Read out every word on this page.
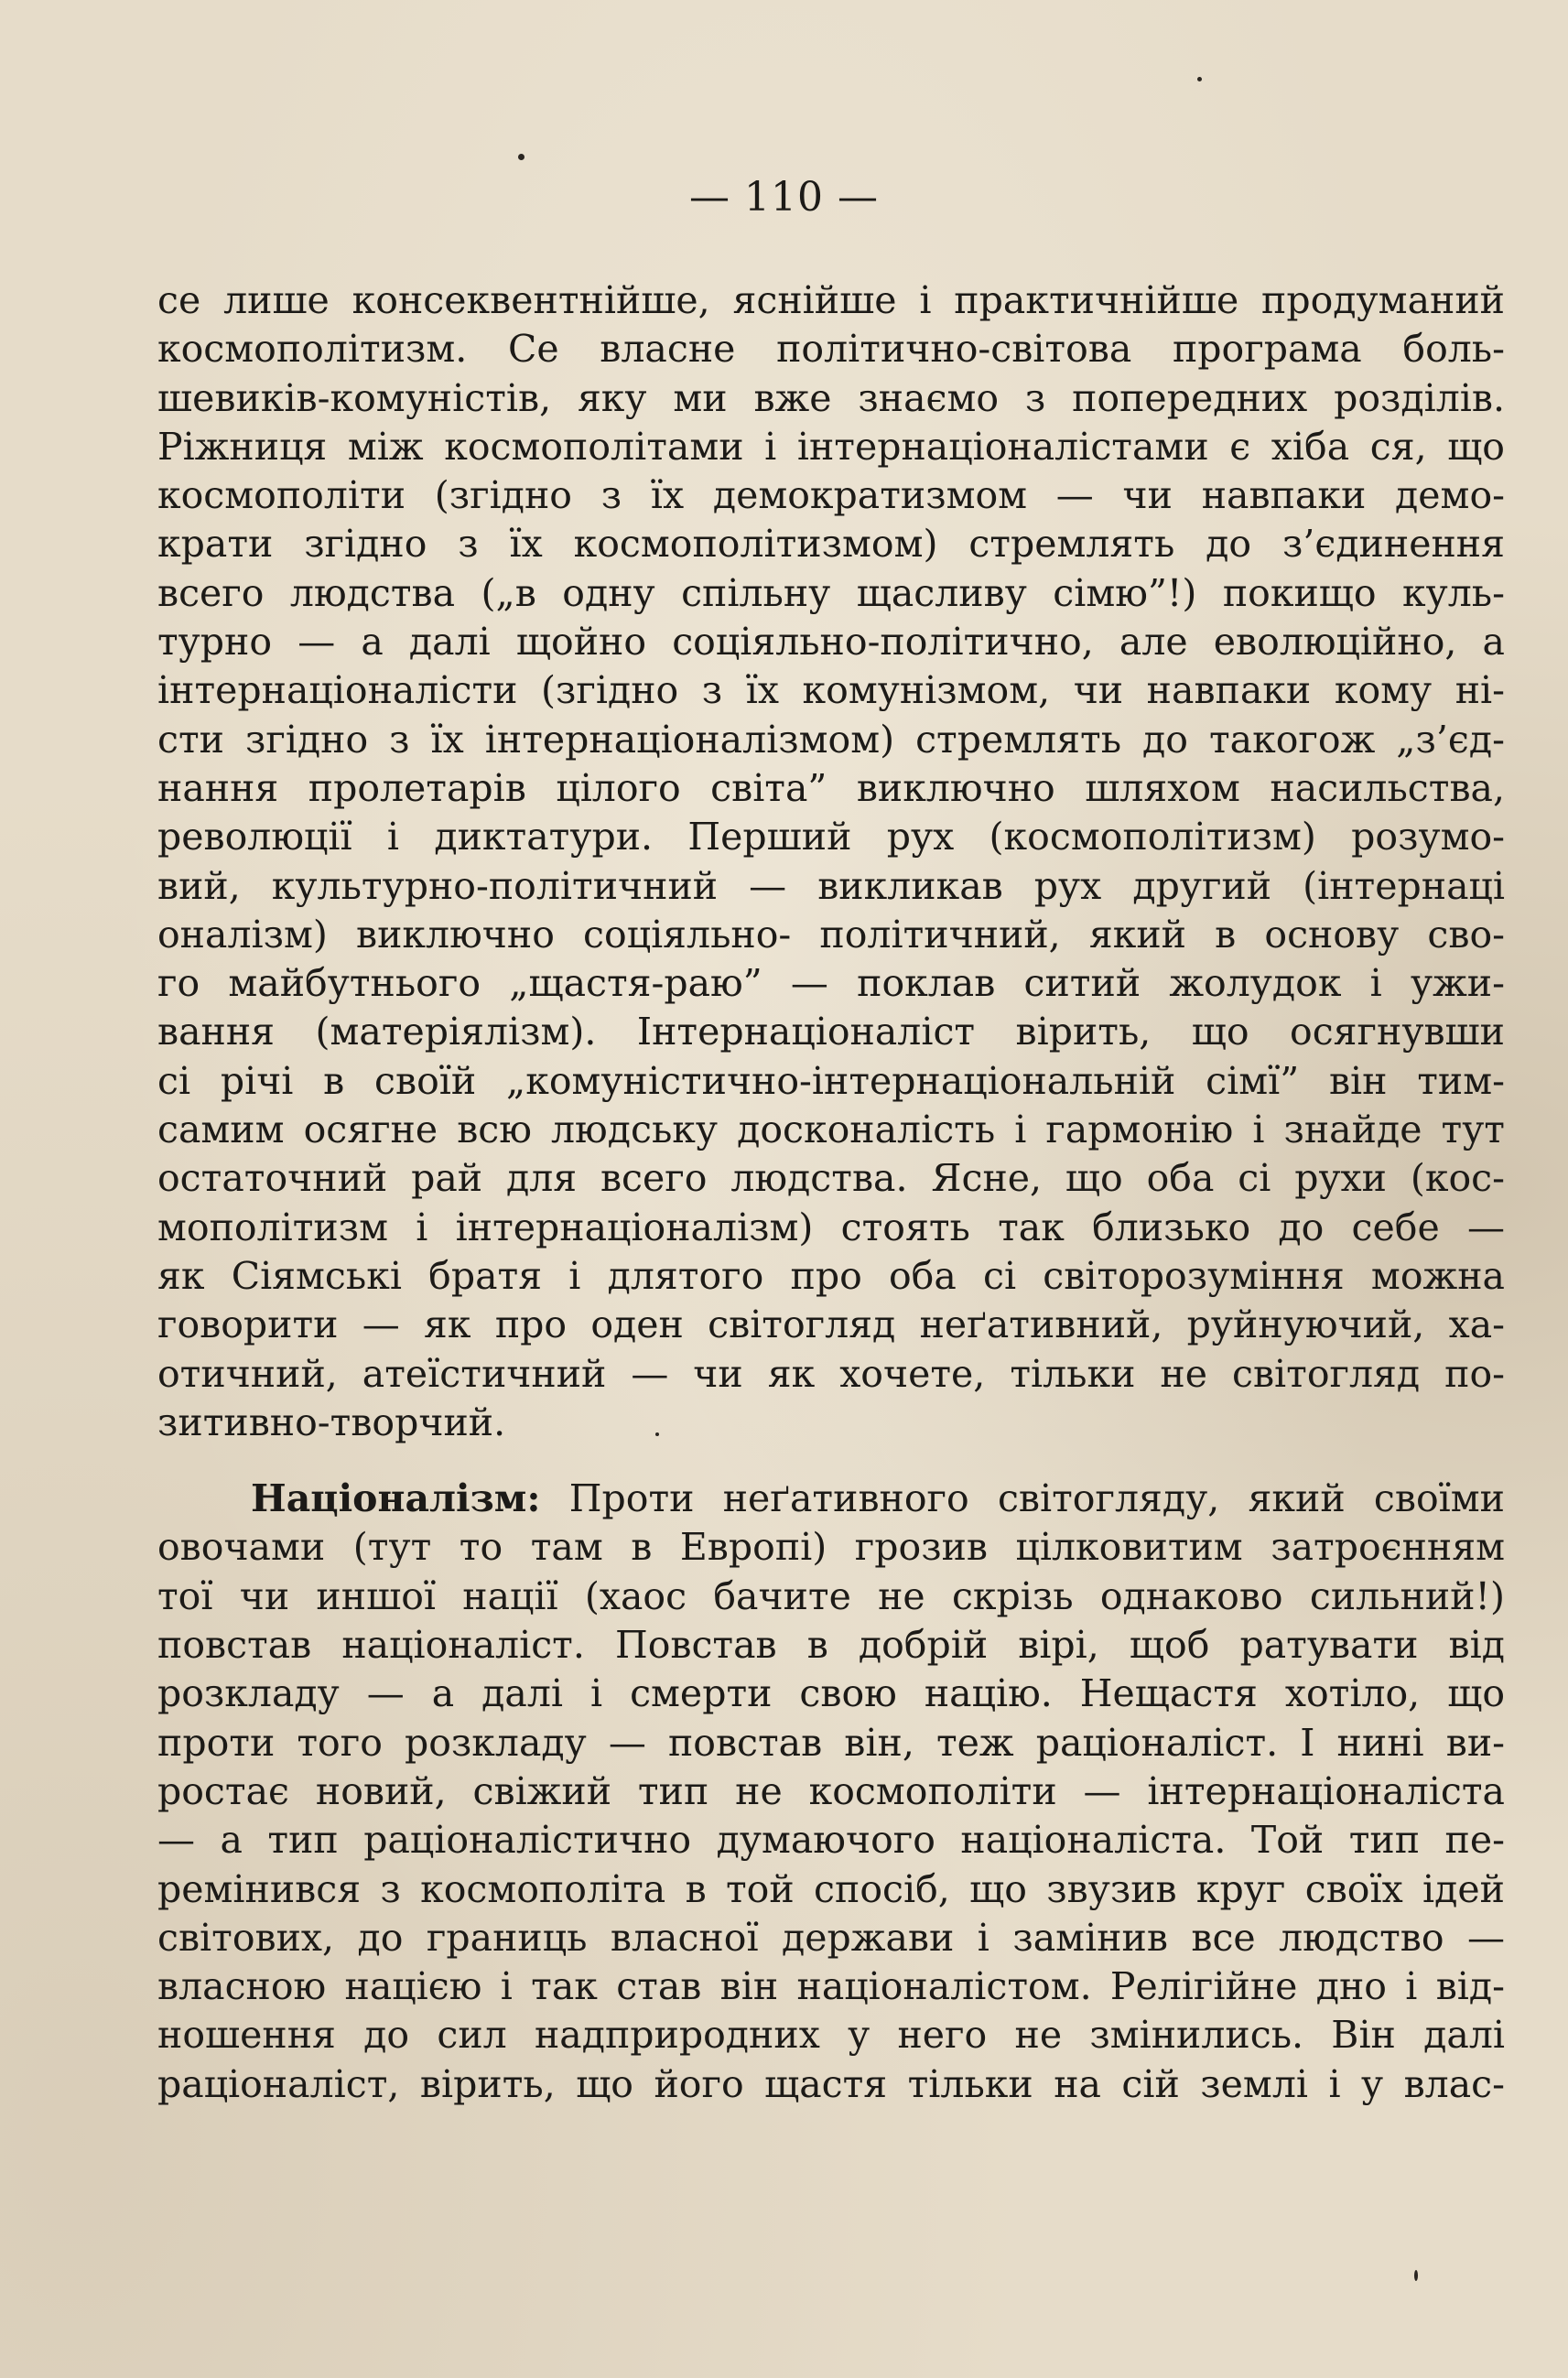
— 110 —
се лише консеквентнійше, яснійше і практичнійше продуманий
космополітизм. Се власне політично-світова програма боль-
шевиків-комуністів, яку ми вже знаємо з попередних розділів.
Ріжниця між космополітами і інтернаціоналістами є хіба ся, що
космополіти (згідно з їх демократизмом — чи навпаки демо-
крати згідно з їх космополітизмом) стремлять до з’єдинення
всего людства („в одну спільну щасливу сімю”!) покищо куль-
турно — а далі щойно соціяльно-політично, але еволюційно, а
інтернаціоналісти (згідно з їх комунізмом, чи навпаки кому ні-
сти згідно з їх інтернаціоналізмом) стремлять до такогож „з’єд-
нання пролетарів цілого світа” виключно шляхом насильства,
революції і диктатури. Перший рух (космополітизм) розумо-
вий, культурно-політичний — викликав рух другий (інтернаці
оналізм) виключно соціяльно- політичний, який в основу сво-
го майбутнього „щастя-раю” — поклав ситий жолудок і ужи-
вання (матеріялізм). Інтернаціоналіст вірить, що осягнувши
сі річі в своїй „комуністично-інтернаціональній сімї” він тим-
самим осягне всю людську досконалість і гармонію і знайде тут
остаточний рай для всего людства. Ясне, що оба сі рухи (кос-
мополітизм і інтернаціоналізм) стоять так близько до себе —
як Сіямські братя і длятого про оба сі світорозуміння можна
говорити — як про оден світогляд неґативний, руйнуючий, ха-
отичний, атеїстичний — чи як хочете, тільки не світогляд по-
зитивно-творчий.
Націоналізм: Проти неґативного світогляду, який своїми
овочами (тут то там в Европі) грозив цілковитим затроєнням
тої чи иншої нації (хаос бачите не скрізь однаково сильний!)
повстав націоналіст. Повстав в добрій вірі, щоб ратувати від
розкладу — а далі і смерти свою націю. Нещастя хотіло, що
проти того розкладу — повстав він, теж раціоналіст. І нині ви-
ростає новий, свіжий тип не космополіти — інтернаціоналіста
— а тип раціоналістично думаючого націоналіста. Той тип пе-
ремінився з космополіта в той спосіб, що звузив круг своїх ідей
світових, до границь власної держави і замінив все людство —
власною нацією і так став він націоналістом. Релігійне дно і від-
ношення до сил надприродних у него не змінились. Він далі
раціоналіст, вірить, що його щастя тільки на сій землі і у влас-
